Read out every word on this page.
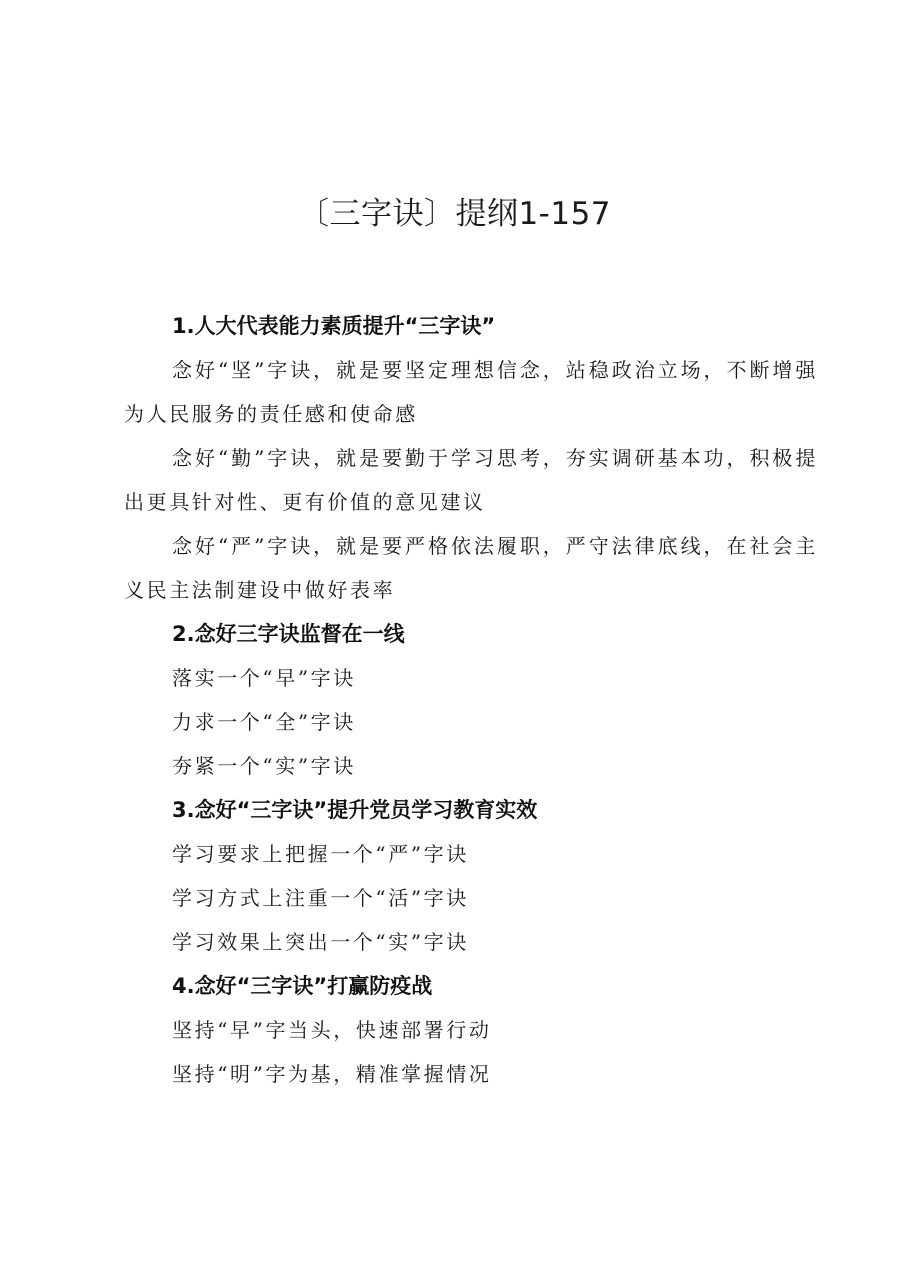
〔三字诀〕提纲1-157

1.人大代表能力素质提升“三字诀”

念好“坚”字诀，就是要坚定理想信念，站稳政治立场，不断增强为人民服务的责任感和使命感

念好“勤”字诀，就是要勤于学习思考，夯实调研基本功，积极提出更具针对性、更有价值的意见建议

念好“严”字诀，就是要严格依法履职，严守法律底线，在社会主义民主法制建设中做好表率

2.念好三字诀监督在一线

落实一个“早”字诀

力求一个“全”字诀

夯紧一个“实”字诀

3.念好“三字诀”提升党员学习教育实效

学习要求上把握一个“严”字诀

学习方式上注重一个“活”字诀

学习效果上突出一个“实”字诀

4.念好“三字诀”打赢防疫战

坚持“早”字当头，快速部署行动

坚持“明”字为基，精准掌握情况
